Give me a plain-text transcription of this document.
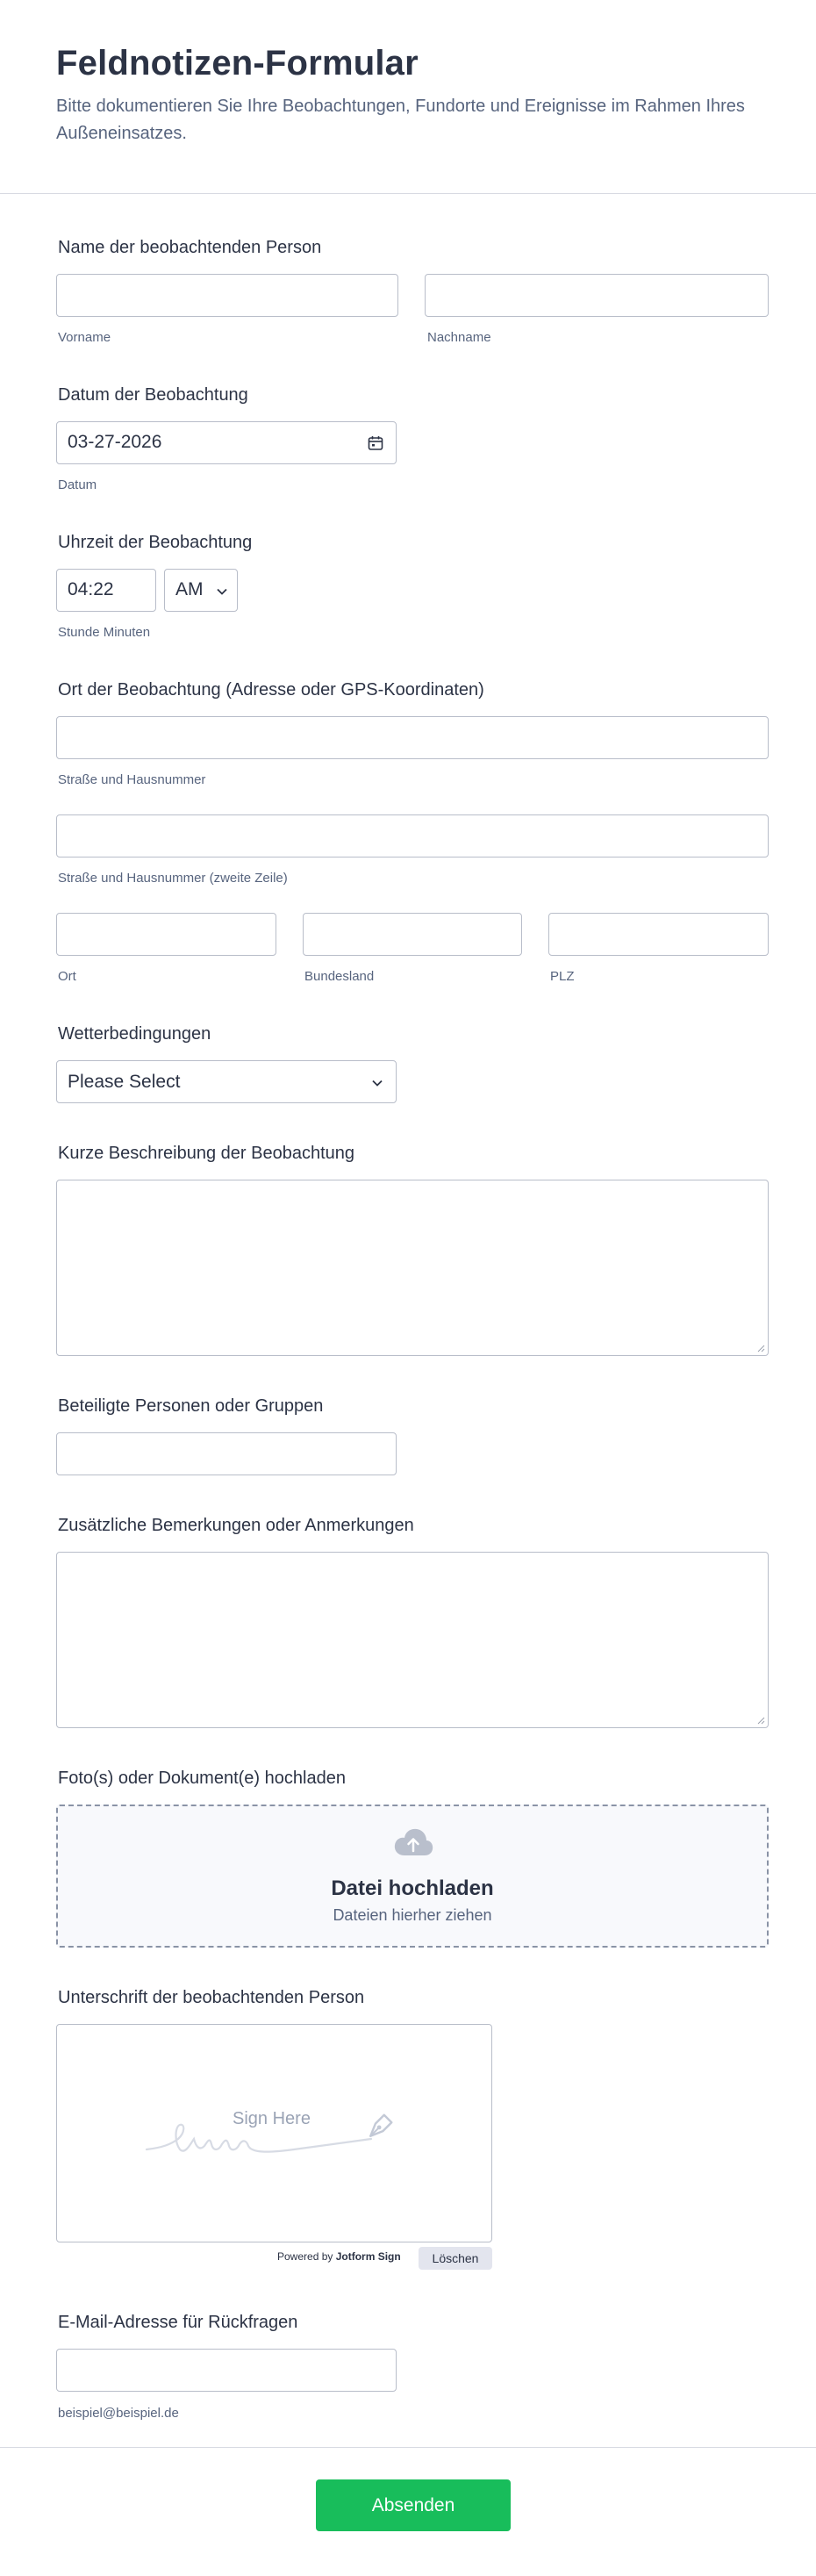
Feldnotizen-Formular
Bitte dokumentieren Sie Ihre Beobachtungen, Fundorte und Ereignisse im Rahmen Ihres Außeneinsatzes.
Name der beobachtenden Person
Vorname	Nachname
Datum der Beobachtung
03-27-2026
Datum
Uhrzeit der Beobachtung
04:22	AM
Stunde Minuten
Ort der Beobachtung (Adresse oder GPS-Koordinaten)
Straße und Hausnummer
Straße und Hausnummer (zweite Zeile)
Ort	Bundesland	PLZ
Wetterbedingungen
Please Select
Kurze Beschreibung der Beobachtung
Beteiligte Personen oder Gruppen
Zusätzliche Bemerkungen oder Anmerkungen
Foto(s) oder Dokument(e) hochladen
Datei hochladen
Dateien hierher ziehen
Unterschrift der beobachtenden Person
Sign Here
Powered by Jotform Sign	Löschen
E-Mail-Adresse für Rückfragen
beispiel@beispiel.de
Absenden
